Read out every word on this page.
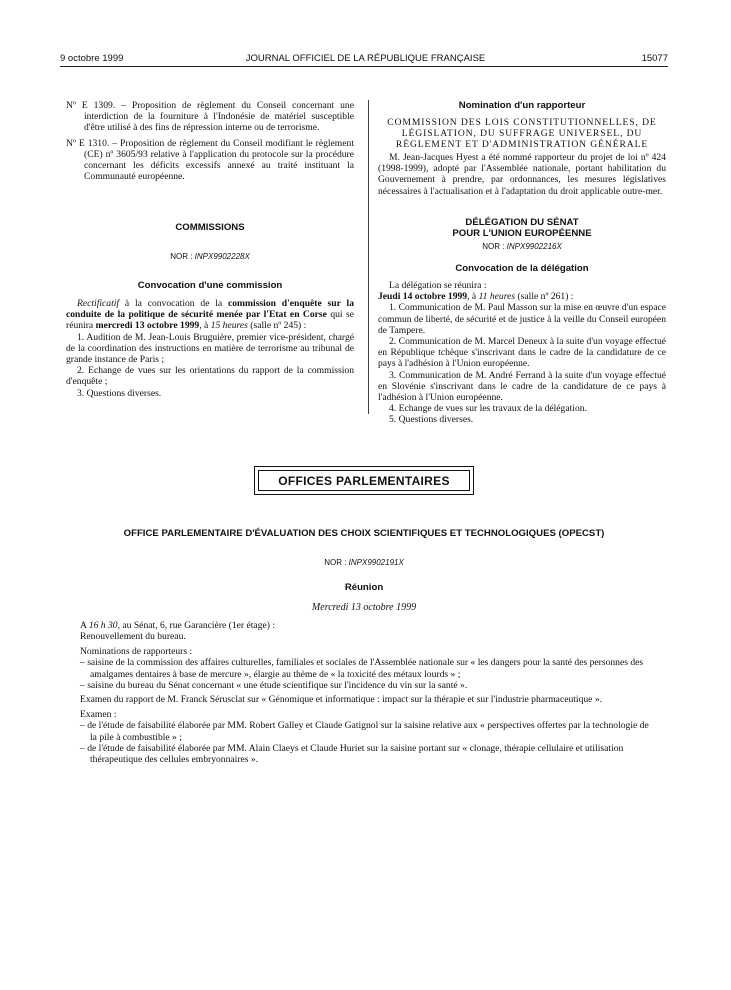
9 octobre 1999	JOURNAL OFFICIEL DE LA RÉPUBLIQUE FRANÇAISE	15077

Nº E 1309. – Proposition de règlement du Conseil concernant une interdiction de la fourniture à l'Indonésie de matériel susceptible d'être utilisé à des fins de répression interne ou de terrorisme.

Nº E 1310. – Proposition de règlement du Conseil modifiant le règlement (CE) nº 3605/93 relative à l'application du protocole sur la procédure concernant les déficits excessifs annexé au traité instituant la Communauté européenne.

COMMISSIONS
NOR : INPX9902228X
Convocation d'une commission

Rectificatif à la convocation de la commission d'enquête sur la conduite de la politique de sécurité menée par l'Etat en Corse qui se réunira mercredi 13 octobre 1999, à 15 heures (salle nº 245) :

1. Audition de M. Jean-Louis Bruguière, premier vice-président, chargé de la coordination des instructions en matière de terrorisme au tribunal de grande instance de Paris ;

2. Echange de vues sur les orientations du rapport de la commission d'enquête ;

3. Questions diverses.

Nomination d'un rapporteur
COMMISSION DES LOIS CONSTITUTIONNELLES, DE LÉGISLATION, DU SUFFRAGE UNIVERSEL, DU RÈGLEMENT ET D'ADMINISTRATION GÉNÉRALE

M. Jean-Jacques Hyest a été nommé rapporteur du projet de loi nº 424 (1998-1999), adopté par l'Assemblée nationale, portant habilitation du Gouvernement à prendre, par ordonnances, les mesures législatives nécessaires à l'actualisation et à l'adaptation du droit applicable outre-mer.

DÉLÉGATION DU SÉNAT
POUR L'UNION EUROPÉENNE
NOR : INPX9902216X
Convocation de la délégation

La délégation se réunira :

Jeudi 14 octobre 1999, à 11 heures (salle nº 261) :

1. Communication de M. Paul Masson sur la mise en œuvre d'un espace commun de liberté, de sécurité et de justice à la veille du Conseil européen de Tampere.

2. Communication de M. Marcel Deneux à la suite d'un voyage effectué en République tchèque s'inscrivant dans le cadre de la candidature de ce pays à l'adhésion à l'Union européenne.

3. Communication de M. André Ferrand à la suite d'un voyage effectué en Slovénie s'inscrivant dans le cadre de la candidature de ce pays à l'adhésion à l'Union européenne.

4. Echange de vues sur les travaux de la délégation.

5. Questions diverses.

OFFICES PARLEMENTAIRES
OFFICE PARLEMENTAIRE D'ÉVALUATION DES CHOIX SCIENTIFIQUES ET TECHNOLOGIQUES (OPECST)
NOR : INPX9902191X
Réunion
Mercredi 13 octobre 1999

A 16 h 30, au Sénat, 6, rue Garancière (1er étage) :

Renouvellement du bureau.

Nominations de rapporteurs :

– saisine de la commission des affaires culturelles, familiales et sociales de l'Assemblée nationale sur « les dangers pour la santé des personnes des amalgames dentaires à base de mercure », élargie au thème de « la toxicité des métaux lourds » ;

– saisine du bureau du Sénat concernant « une étude scientifique sur l'incidence du vin sur la santé ».

Examen du rapport de M. Franck Sérusclat sur « Génomique et informatique : impact sur la thérapie et sur l'industrie pharmaceutique ».

Examen :

– de l'étude de faisabilité élaborée par MM. Robert Galley et Claude Gatignol sur la saisine relative aux « perspectives offertes par la technologie de la pile à combustible » ;

– de l'étude de faisabilité élaborée par MM. Alain Claeys et Claude Huriet sur la saisine portant sur « clonage, thérapie cellulaire et utilisation thérapeutique des cellules embryonnaires ».
